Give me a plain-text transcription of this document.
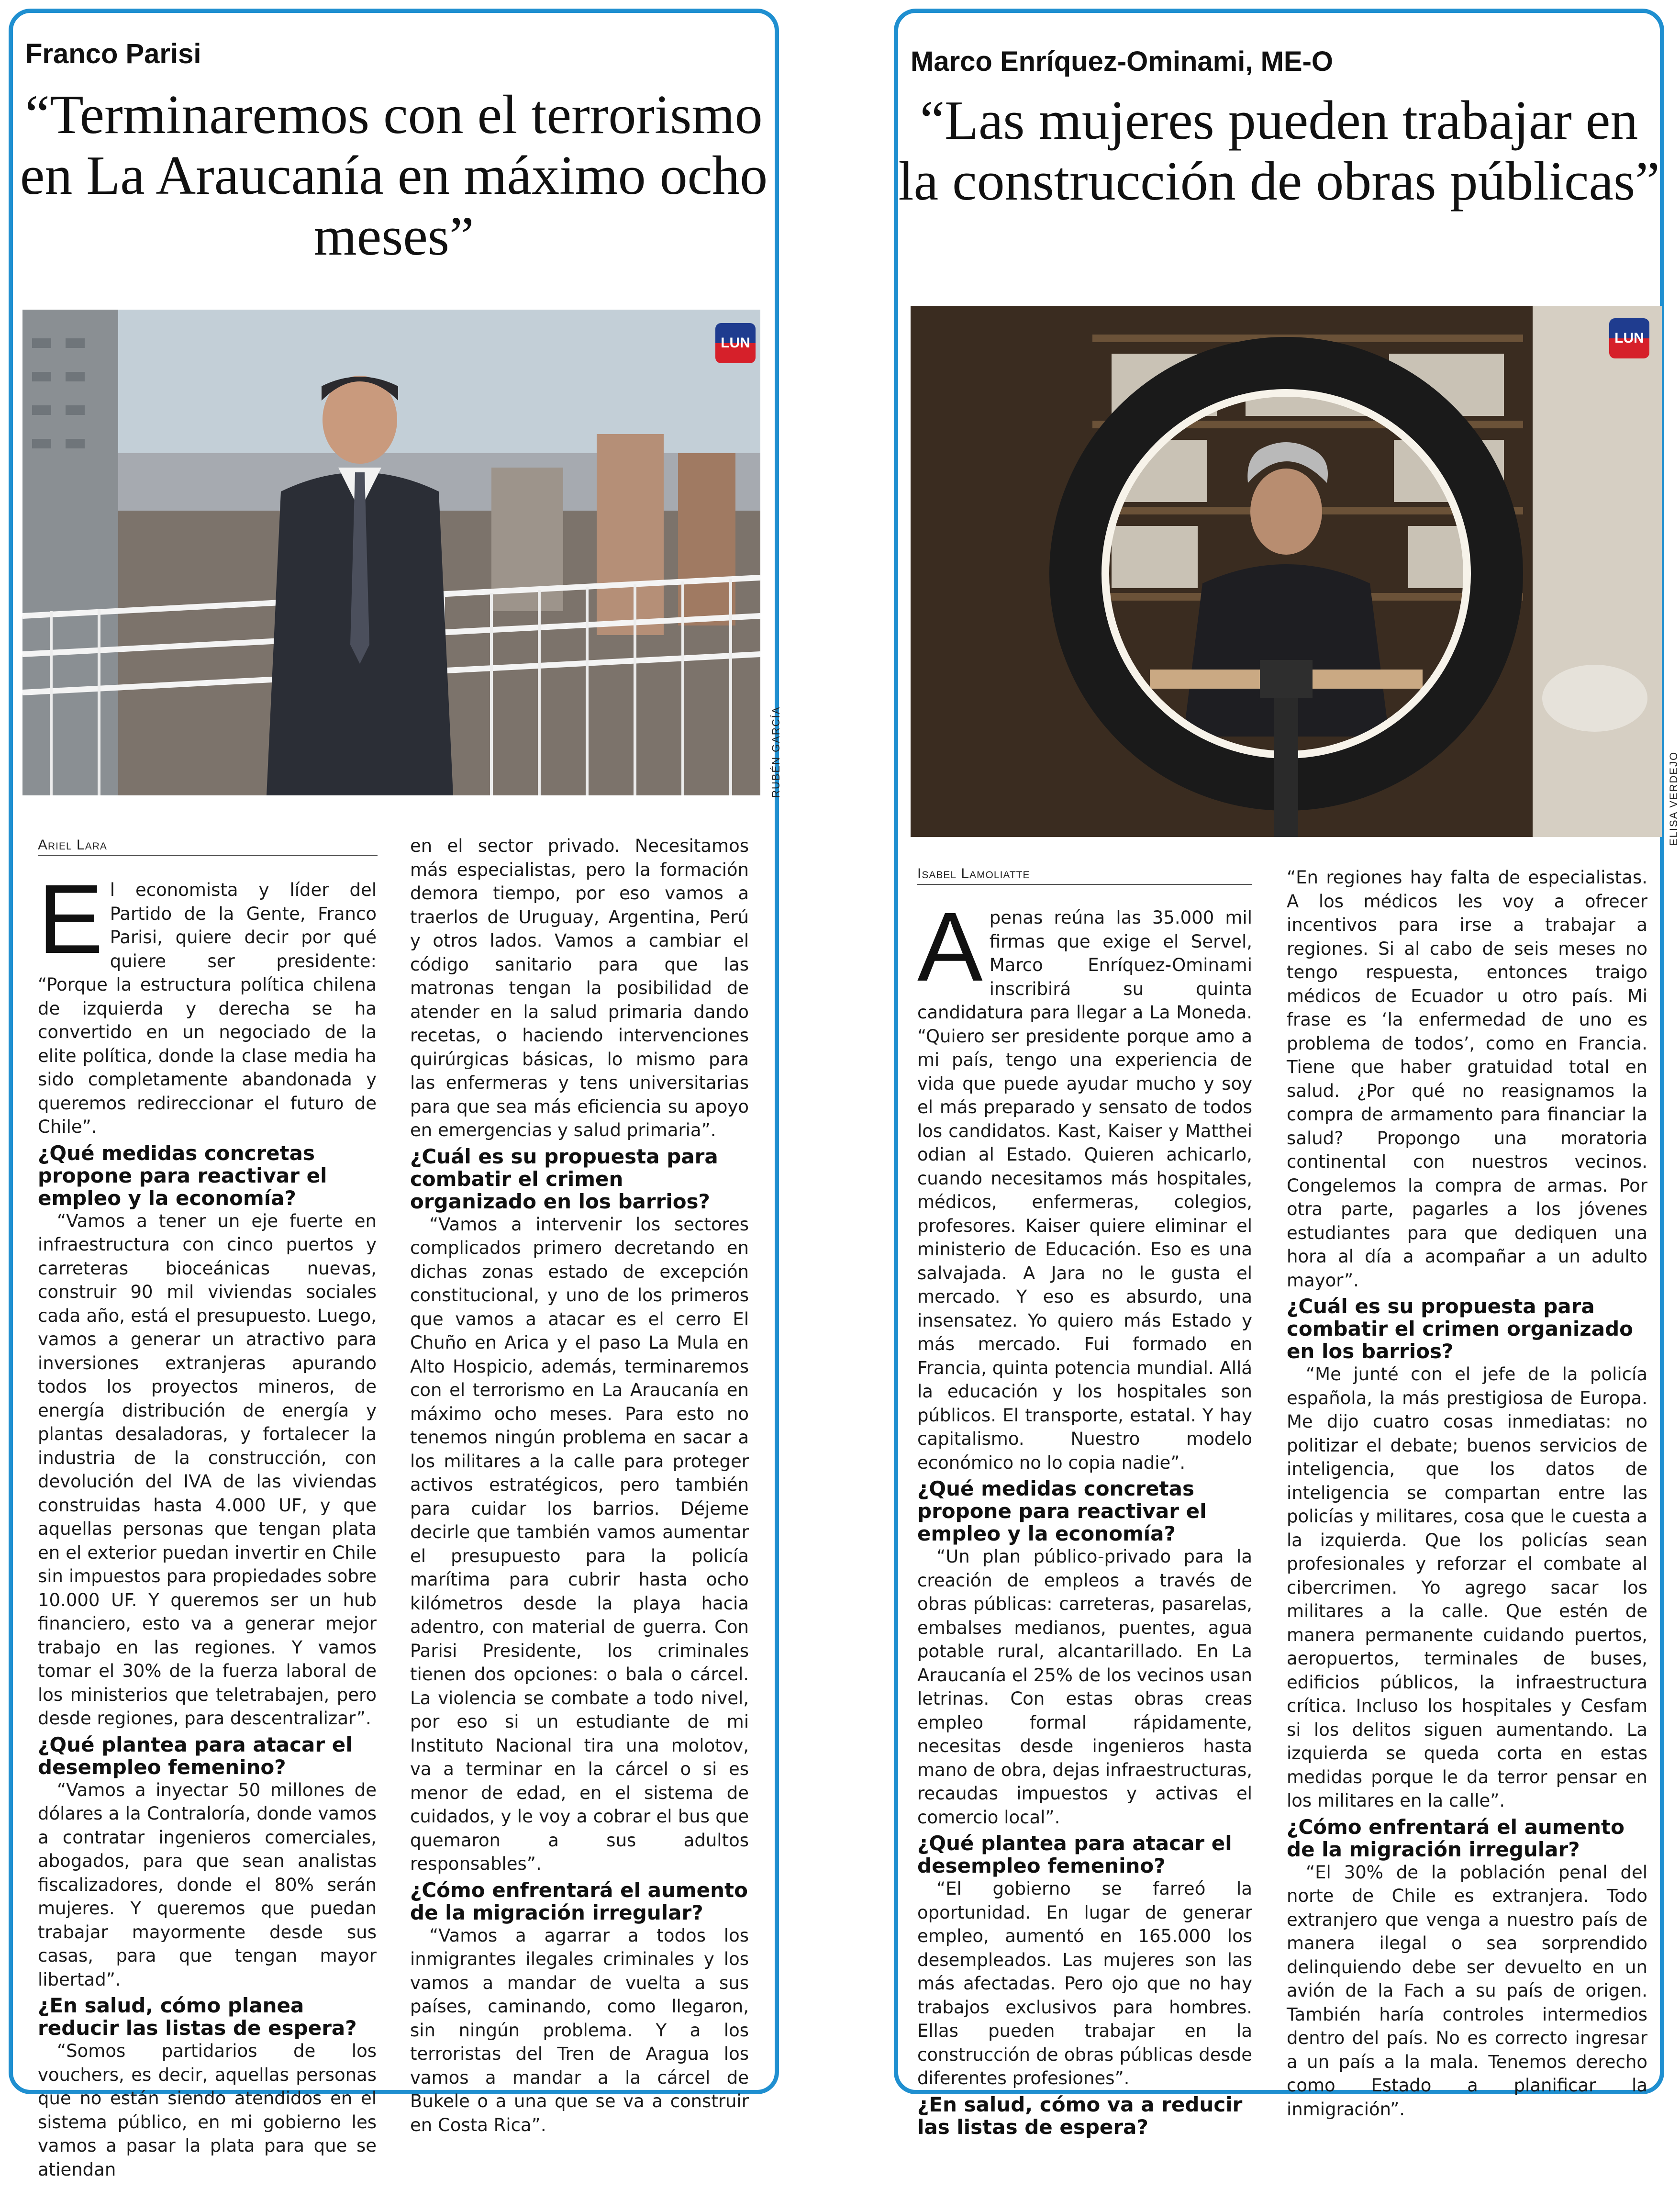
Franco Parisi
“Terminaremos con el terrorismo en La Araucanía en máximo ocho meses”
LUN
RUBÉN GARCÍA
Ariel Lara
E l economista y líder del Partido de la Gente, Franco Parisi, quiere decir por qué quiere ser presidente: “Porque la estructura política chilena de izquierda y derecha se ha convertido en un negociado de la elite política, donde la clase media ha sido completamente abandonada y queremos redireccionar el futuro de Chile”.

¿Qué medidas concretas propone para reactivar el empleo y la economía?

“Vamos a tener un eje fuerte en infraestructura con cinco puertos y carreteras bioceánicas nuevas, construir 90 mil viviendas sociales cada año, está el presupuesto. Luego, vamos a generar un atractivo para inversiones extranjeras apurando todos los proyectos mineros, de energía distribución de energía y plantas desaladoras, y fortalecer la industria de la construcción, con devolución del IVA de las viviendas construidas hasta 4.000 UF, y que aquellas personas que tengan plata en el exterior puedan invertir en Chile sin impuestos para propiedades sobre 10.000 UF. Y queremos ser un hub financiero, esto va a generar mejor trabajo en las regiones. Y vamos tomar el 30% de la fuerza laboral de los ministerios que teletrabajen, pero desde regiones, para descentralizar”.

¿Qué plantea para atacar el desempleo femenino?

“Vamos a inyectar 50 millones de dólares a la Contraloría, donde vamos a contratar ingenieros comerciales, abogados, para que sean analistas fiscalizadores, donde el 80% serán mujeres. Y queremos que puedan trabajar mayormente desde sus casas, para que tengan mayor libertad”.

¿En salud, cómo planea reducir las listas de espera?

“Somos partidarios de los vouchers, es decir, aquellas personas que no están siendo atendidos en el sistema público, en mi gobierno les vamos a pasar la plata para que se atiendan

en el sector privado. Necesitamos más especialistas, pero la formación demora tiempo, por eso vamos a traerlos de Uruguay, Argentina, Perú y otros lados. Vamos a cambiar el código sanitario para que las matronas tengan la posibilidad de atender en la salud primaria dando recetas, o haciendo intervenciones quirúrgicas básicas, lo mismo para las enfermeras y tens universitarias para que sea más eficiencia su apoyo en emergencias y salud primaria”.

¿Cuál es su propuesta para combatir el crimen organizado en los barrios?

“Vamos a intervenir los sectores complicados primero decretando en dichas zonas estado de excepción constitucional, y uno de los primeros que vamos a atacar es el cerro El Chuño en Arica y el paso La Mula en Alto Hospicio, además, terminaremos con el terrorismo en La Araucanía en máximo ocho meses. Para esto no tenemos ningún problema en sacar a los militares a la calle para proteger activos estratégicos, pero también para cuidar los barrios. Déjeme decirle que también vamos aumentar el presupuesto para la policía marítima para cubrir hasta ocho kilómetros desde la playa hacia adentro, con material de guerra. Con Parisi Presidente, los criminales tienen dos opciones: o bala o cárcel. La violencia se combate a todo nivel, por eso si un estudiante de mi Instituto Nacional tira una molotov, va a terminar en la cárcel o si es menor de edad, en el sistema de cuidados, y le voy a cobrar el bus que quemaron a sus adultos responsables”.

¿Cómo enfrentará el aumento de la migración irregular?

“Vamos a agarrar a todos los inmigrantes ilegales criminales y los vamos a mandar de vuelta a sus países, caminando, como llegaron, sin ningún problema. Y a los terroristas del Tren de Aragua los vamos a mandar a la cárcel de Bukele o a una que se va a construir en Costa Rica”.

Marco Enríquez-Ominami, ME-O
“Las mujeres pueden trabajar en la construcción de obras públicas”
LUN
ELISA VERDEJO
Isabel Lamoliatte
A penas reúna las 35.000 mil firmas que exige el Servel, Marco Enríquez-Ominami inscribirá su quinta candidatura para llegar a La Moneda. “Quiero ser presidente porque amo a mi país, tengo una experiencia de vida que puede ayudar mucho y soy el más preparado y sensato de todos los candidatos. Kast, Kaiser y Matthei odian al Estado. Quieren achicarlo, cuando necesitamos más hospitales, médicos, enfermeras, colegios, profesores. Kaiser quiere eliminar el ministerio de Educación. Eso es una salvajada. A Jara no le gusta el mercado. Y eso es absurdo, una insensatez. Yo quiero más Estado y más mercado. Fui formado en Francia, quinta potencia mundial. Allá la educación y los hospitales son públicos. El transporte, estatal. Y hay capitalismo. Nuestro modelo económico no lo copia nadie”.

¿Qué medidas concretas propone para reactivar el empleo y la economía?

“Un plan público-privado para la creación de empleos a través de obras públicas: carreteras, pasarelas, embalses medianos, puentes, agua potable rural, alcantarillado. En La Araucanía el 25% de los vecinos usan letrinas. Con estas obras creas empleo formal rápidamente, necesitas desde ingenieros hasta mano de obra, dejas infraestructuras, recaudas impuestos y activas el comercio local”.

¿Qué plantea para atacar el desempleo femenino?

“El gobierno se farreó la oportunidad. En lugar de generar empleo, aumentó en 165.000 los desempleados. Las mujeres son las más afectadas. Pero ojo que no hay trabajos exclusivos para hombres. Ellas pueden trabajar en la construcción de obras públicas desde diferentes profesiones”.

¿En salud, cómo va a reducir las listas de espera?

“En regiones hay falta de especialistas. A los médicos les voy a ofrecer incentivos para irse a trabajar a regiones. Si al cabo de seis meses no tengo respuesta, entonces traigo médicos de Ecuador u otro país. Mi frase es ‘la enfermedad de uno es problema de todos’, como en Francia. Tiene que haber gratuidad total en salud. ¿Por qué no reasignamos la compra de armamento para financiar la salud? Propongo una moratoria continental con nuestros vecinos. Congelemos la compra de armas. Por otra parte, pagarles a los jóvenes estudiantes para que dediquen una hora al día a acompañar a un adulto mayor”.

¿Cuál es su propuesta para combatir el crimen organizado en los barrios?

“Me junté con el jefe de la policía española, la más prestigiosa de Europa. Me dijo cuatro cosas inmediatas: no politizar el debate; buenos servicios de inteligencia, que los datos de inteligencia se compartan entre las policías y militares, cosa que le cuesta a la izquierda. Que los policías sean profesionales y reforzar el combate al cibercrimen. Yo agrego sacar los militares a la calle. Que estén de manera permanente cuidando puertos, aeropuertos, terminales de buses, edificios públicos, la infraestructura crítica. Incluso los hospitales y Cesfam si los delitos siguen aumentando. La izquierda se queda corta en estas medidas porque le da terror pensar en los militares en la calle”.

¿Cómo enfrentará el aumento de la migración irregular?

“El 30% de la población penal del norte de Chile es extranjera. Todo extranjero que venga a nuestro país de manera ilegal o sea sorprendido delinquiendo debe ser devuelto en un avión de la Fach a su país de origen. También haría controles intermedios dentro del país. No es correcto ingresar a un país a la mala. Tenemos derecho como Estado a planificar la inmigración”.
